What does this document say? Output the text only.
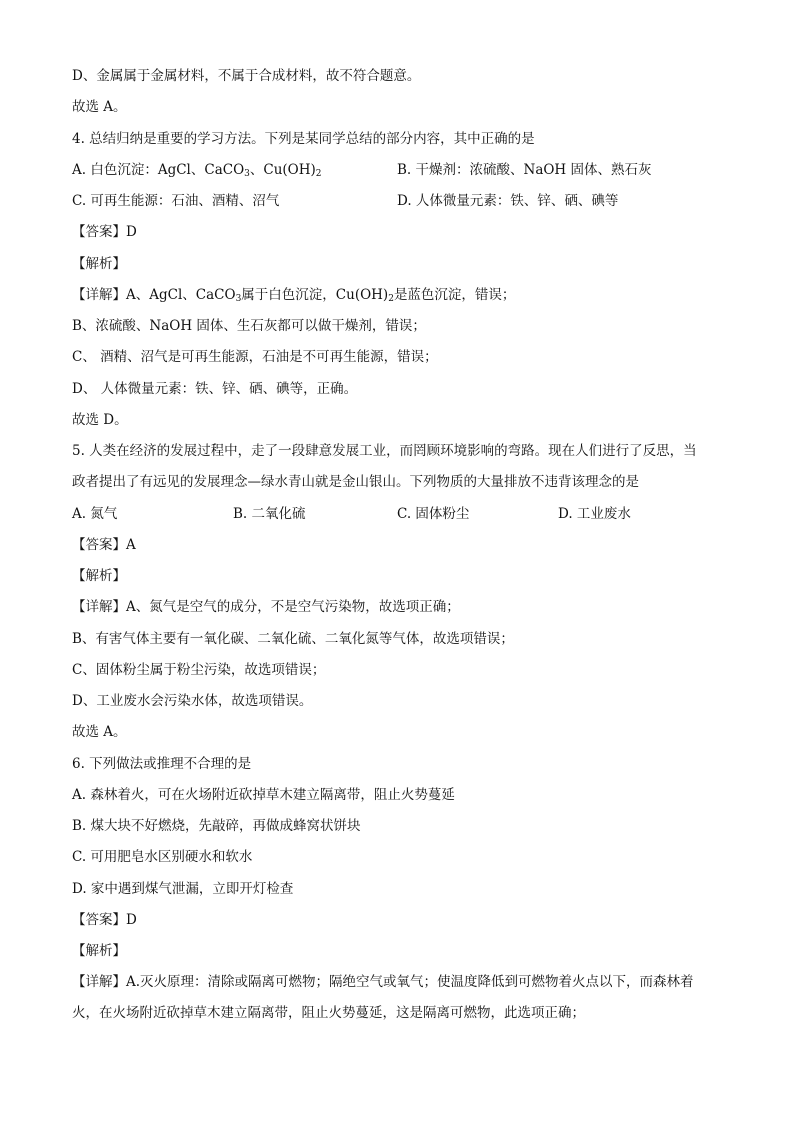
D、金属属于金属材料，不属于合成材料，故不符合题意。
故选 A。
4. 总结归纳是重要的学习方法。下列是某同学总结的部分内容，其中正确的是
A. 白色沉淀：AgCl、CaCO$_3$、$Cu(OH)_2$	B. 干燥剂：浓硫酸、NaOH 固体、熟石灰
C. 可再生能源：石油、酒精、沼气	D. 人体微量元素：铁、锌、硒、碘等
【答案】D
【解析】
【详解】A、AgCl、CaCO$_3$属于白色沉淀，$Cu(OH)_2$是蓝色沉淀，错误；
B、浓硫酸、NaOH 固体、生石灰都可以做干燥剂，错误；
C、 酒精、沼气是可再生能源，石油是不可再生能源，错误；
D、 人体微量元素：铁、锌、硒、碘等，正确。
故选 D。
5. 人类在经济的发展过程中，走了一段肆意发展工业，而罔顾环境影响的弯路。现在人们进行了反思，当
政者提出了有远见的发展理念—绿水青山就是金山银山。下列物质的大量排放不违背该理念的是
A. 氮气	B. 二氧化硫	C. 固体粉尘	D. 工业废水
【答案】A
【解析】
【详解】A、氮气是空气的成分，不是空气污染物，故选项正确；
B、有害气体主要有一氧化碳、二氧化硫、二氧化氮等气体，故选项错误；
C、固体粉尘属于粉尘污染，故选项错误；
D、工业废水会污染水体，故选项错误。
故选 A。
6. 下列做法或推理不合理的是
A. 森林着火，可在火场附近砍掉草木建立隔离带，阻止火势蔓延
B. 煤大块不好燃烧，先敲碎，再做成蜂窝状饼块
C. 可用肥皂水区别硬水和软水
D. 家中遇到煤气泄漏，立即开灯检查
【答案】D
【解析】
【详解】A.灭火原理：清除或隔离可燃物；隔绝空气或氧气；使温度降低到可燃物着火点以下，而森林着
火，在火场附近砍掉草木建立隔离带，阻止火势蔓延，这是隔离可燃物，此选项正确；
